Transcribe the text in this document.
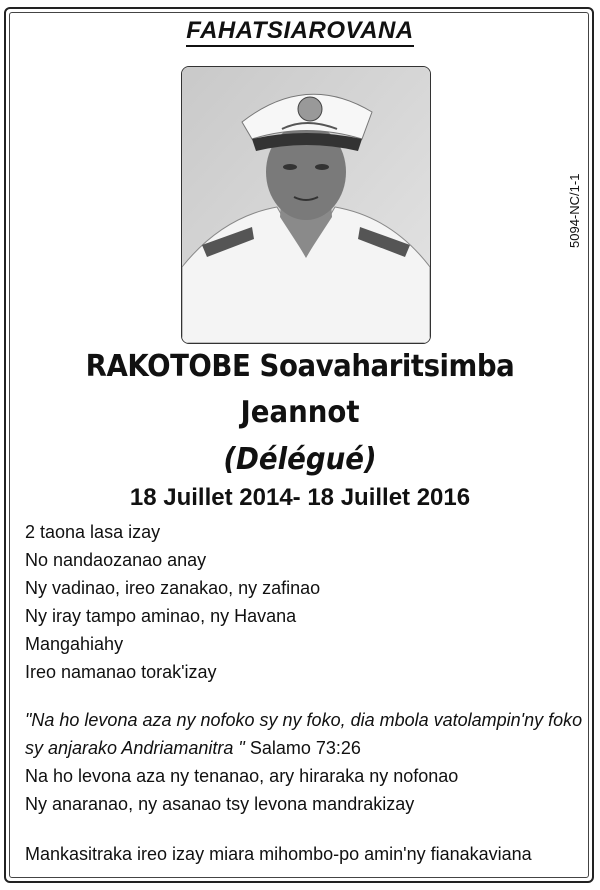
FAHATSIAROVANA
5094-NC/1-1
RAKOTOBE Soavaharitsimba
Jeannot
(Délégué)
18 Juillet 2014- 18 Juillet 2016
2 taona lasa izay
No nandaozanao anay
Ny vadinao, ireo zanakao, ny zafinao
Ny iray tampo aminao, ny Havana
Mangahiahy
Ireo namanao torak'izay
"Na ho levona aza ny nofoko sy ny foko, dia mbola vatolampin'ny foko
sy anjarako Andriamanitra " Salamo 73:26
Na ho levona aza ny tenanao, ary hiraraka ny nofonao
Ny anaranao, ny asanao tsy levona mandrakizay
Mankasitraka ireo izay miara mihombo-po amin'ny fianakaviana
